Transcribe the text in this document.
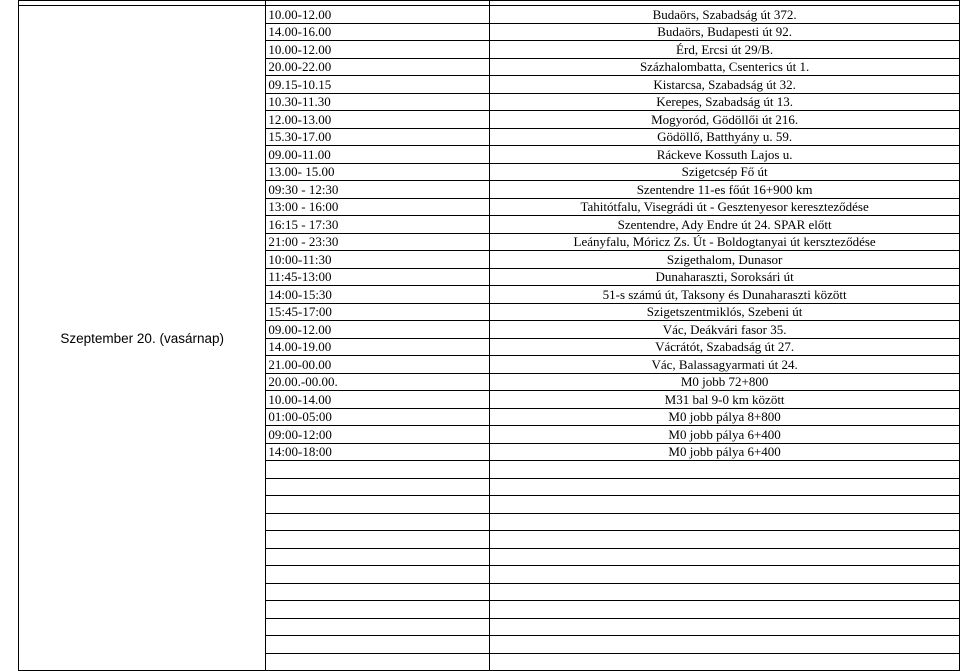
Szeptember 20. (vasárnap)	10.00-12.00	Budaörs, Szabadság út 372.
	14.00-16.00	Budaörs, Budapesti út 92.
	10.00-12.00	Érd, Ercsi út 29/B.
	20.00-22.00	Százhalombatta, Csenterics út 1.
	09.15-10.15	Kistarcsa, Szabadság út 32.
	10.30-11.30	Kerepes, Szabadság út 13.
	12.00-13.00	Mogyoród, Gödöllői út 216.
	15.30-17.00	Gödöllő, Batthyány u. 59.
	09.00-11.00	Ráckeve Kossuth Lajos u.
	13.00- 15.00	Szigetcsép Fő út
	09:30 - 12:30	Szentendre 11-es főút 16+900 km
	13:00 - 16:00	Tahitótfalu, Visegrádi út - Gesztenyesor kereszteződése
	16:15 - 17:30	Szentendre, Ady Endre út 24. SPAR előtt
	21:00 - 23:30	Leányfalu, Móricz Zs. Út - Boldogtanyai út kerszteződése
	10:00-11:30	Szigethalom, Dunasor
	11:45-13:00	Dunaharaszti, Soroksári út
	14:00-15:30	51-s számú út, Taksony és Dunaharaszti között
	15:45-17:00	Szigetszentmiklós, Szebeni út
	09.00-12.00	Vác, Deákvári fasor 35.
	14.00-19.00	Vácrátót, Szabadság út 27.
	21.00-00.00	Vác, Balassagyarmati út 24.
	20.00.-00.00.	M0 jobb 72+800
	10.00-14.00	M31 bal 9-0 km között
	01:00-05:00	M0 jobb pálya 8+800
	09:00-12:00	M0 jobb pálya 6+400
	14:00-18:00	M0 jobb pálya 6+400
